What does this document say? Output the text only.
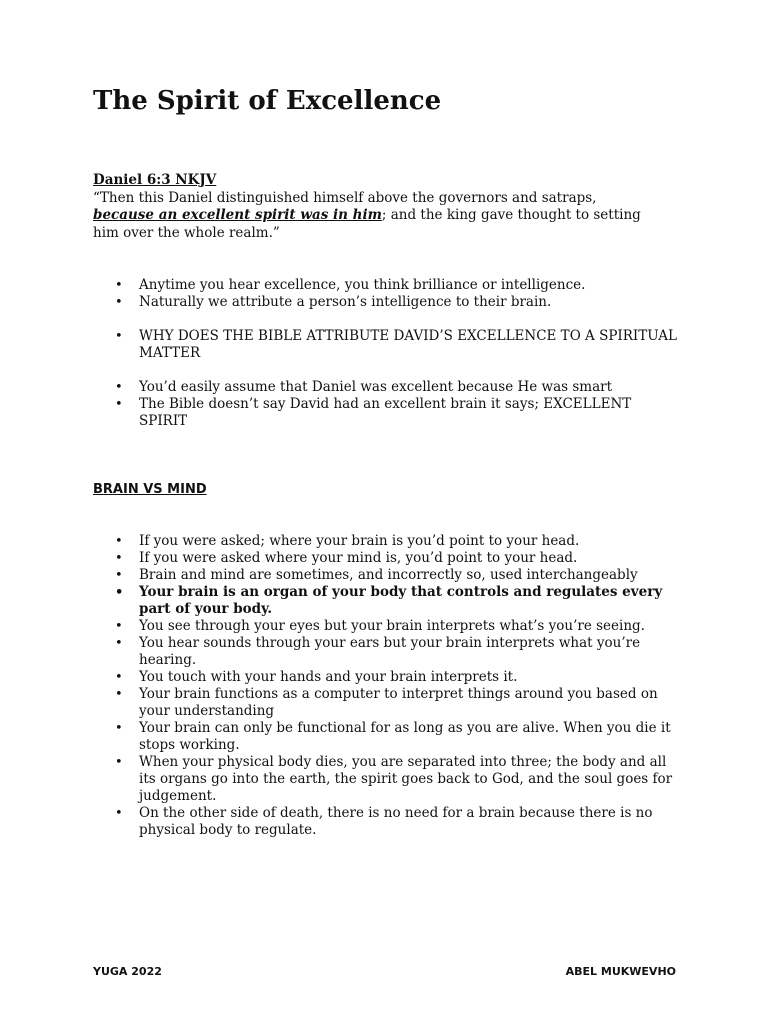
The Spirit of Excellence
Daniel 6:3 NKJV

“Then this Daniel distinguished himself above the governors and satraps, because an excellent spirit was in him; and the king gave thought to setting him over the whole realm.”

• Anytime you hear excellence, you think brilliance or intelligence.
• Naturally we attribute a person’s intelligence to their brain.
• WHY DOES THE BIBLE ATTRIBUTE DAVID’S EXCELLENCE TO A SPIRITUAL MATTER
• You’d easily assume that Daniel was excellent because He was smart
• The Bible doesn’t say David had an excellent brain it says; EXCELLENT SPIRIT
BRAIN VS MIND
• If you were asked; where your brain is you’d point to your head.
• If you were asked where your mind is, you’d point to your head.
• Brain and mind are sometimes, and incorrectly so, used interchangeably
• Your brain is an organ of your body that controls and regulates every part of your body.
• You see through your eyes but your brain interprets what’s you’re seeing.
• You hear sounds through your ears but your brain interprets what you’re hearing.
• You touch with your hands and your brain interprets it.
• Your brain functions as a computer to interpret things around you based on your understanding
• Your brain can only be functional for as long as you are alive. When you die it stops working.
• When your physical body dies, you are separated into three; the body and all its organs go into the earth, the spirit goes back to God, and the soul goes for judgement.
• On the other side of death, there is no need for a brain because there is no physical body to regulate.
YUGA 2022	ABEL MUKWEVHO
